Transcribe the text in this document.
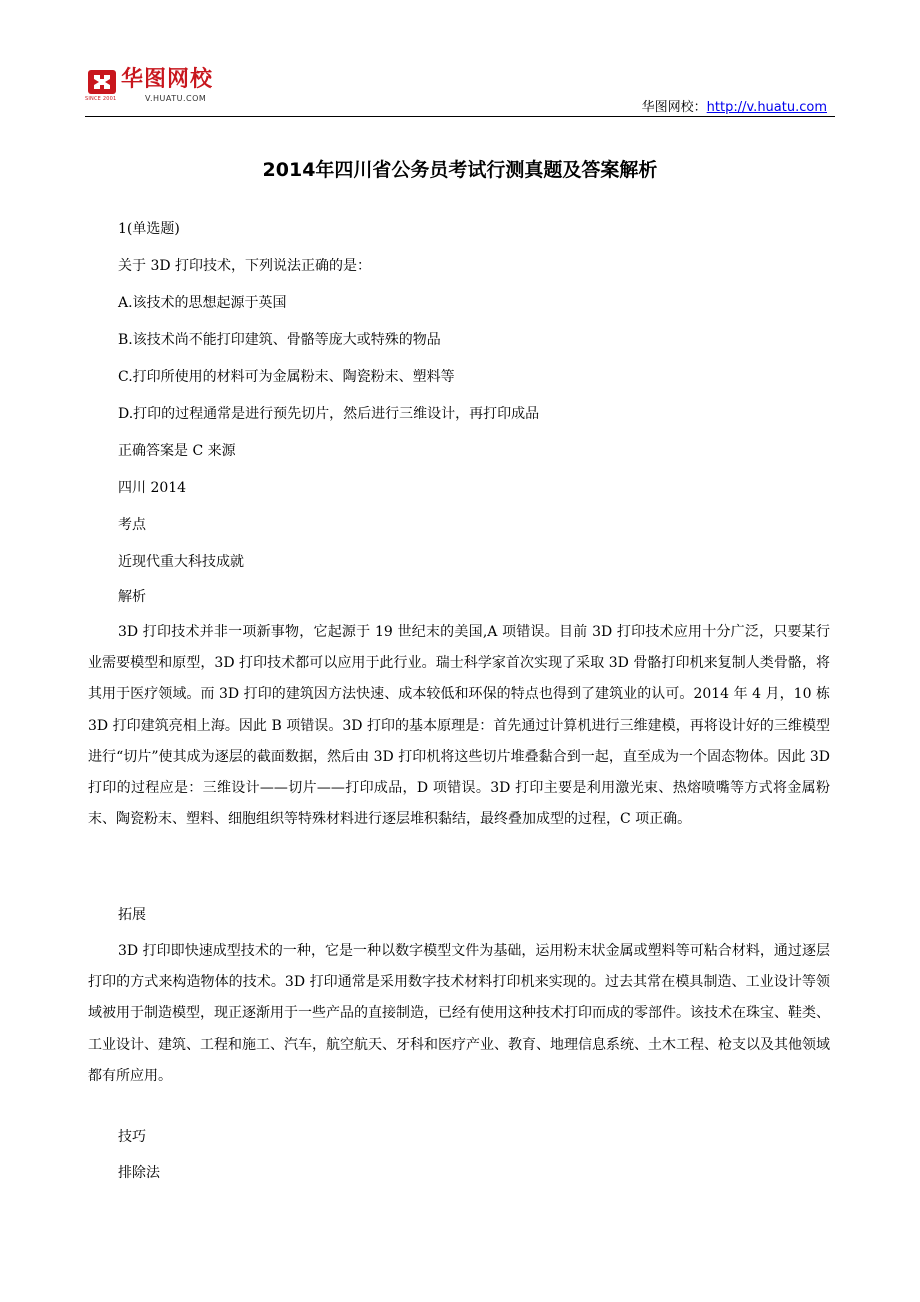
SINCE 2001
华图网校
V.HUATU.COM
华图网校：http://v.huatu.com
2014年四川省公务员考试行测真题及答案解析
1(单选题)
关于 3D 打印技术，下列说法正确的是：
A.该技术的思想起源于英国
B.该技术尚不能打印建筑、骨骼等庞大或特殊的物品
C.打印所使用的材料可为金属粉末、陶瓷粉末、塑料等
D.打印的过程通常是进行预先切片，然后进行三维设计，再打印成品
正确答案是 C 来源
四川 2014
考点
近现代重大科技成就
解析
3D 打印技术并非一项新事物，它起源于 19 世纪末的美国,A 项错误。目前 3D 打印技术应用十分广泛，只要某行业需要模型和原型，3D 打印技术都可以应用于此行业。瑞士科学家首次实现了采取 3D 骨骼打印机来复制人类骨骼，将其用于医疗领域。而 3D 打印的建筑因方法快速、成本较低和环保的特点也得到了建筑业的认可。2014 年 4 月，10 栋 3D 打印建筑亮相上海。因此 B 项错误。3D 打印的基本原理是：首先通过计算机进行三维建模，再将设计好的三维模型进行“切片”使其成为逐层的截面数据，然后由 3D 打印机将这些切片堆叠黏合到一起，直至成为一个固态物体。因此 3D 打印的过程应是：三维设计——切片——打印成品，D 项错误。3D 打印主要是利用激光束、热熔喷嘴等方式将金属粉末、陶瓷粉末、塑料、细胞组织等特殊材料进行逐层堆积黏结，最终叠加成型的过程，C 项正确。
拓展
3D 打印即快速成型技术的一种，它是一种以数字模型文件为基础，运用粉末状金属或塑料等可粘合材料，通过逐层打印的方式来构造物体的技术。3D 打印通常是采用数字技术材料打印机来实现的。过去其常在模具制造、工业设计等领域被用于制造模型，现正逐渐用于一些产品的直接制造，已经有使用这种技术打印而成的零部件。该技术在珠宝、鞋类、工业设计、建筑、工程和施工、汽车，航空航天、牙科和医疗产业、教育、地理信息系统、土木工程、枪支以及其他领域都有所应用。
技巧
排除法
